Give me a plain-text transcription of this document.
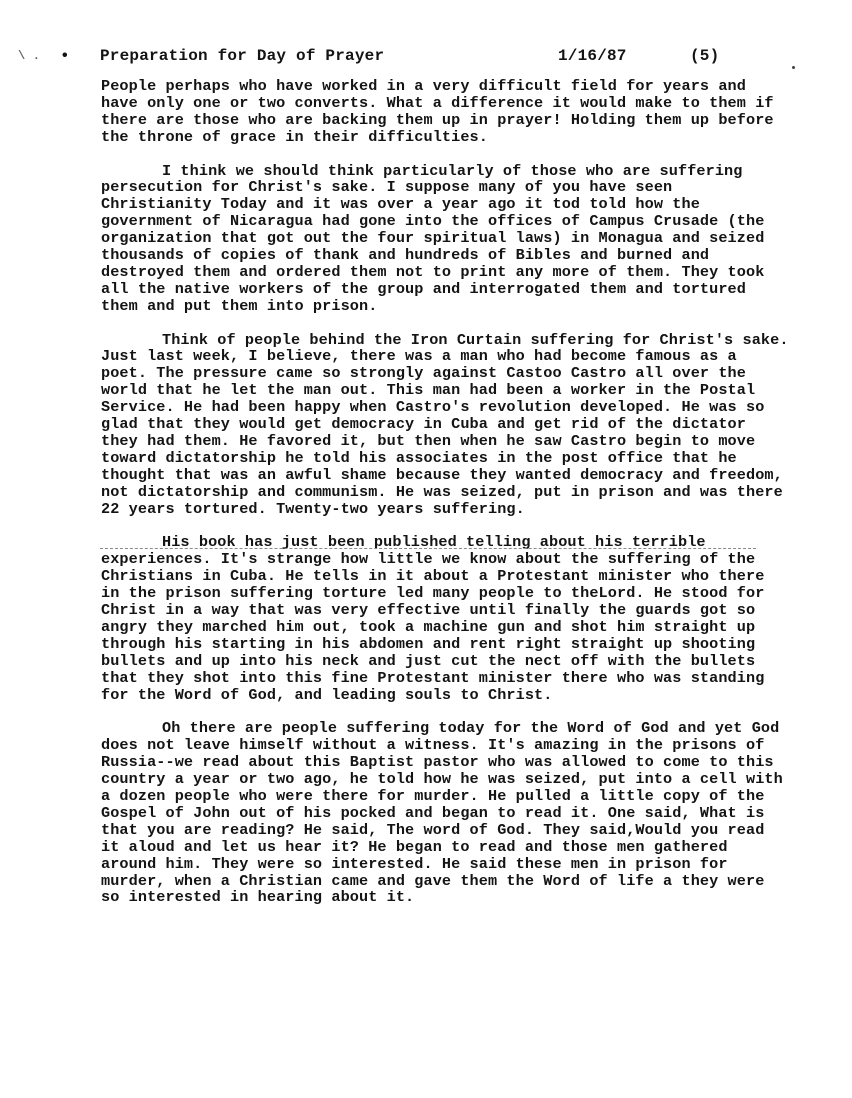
\ . • Preparation for Day of Prayer	1/16/87	(5)

People perhaps who have worked in a very difficult field for years and have only one or two converts. What a difference it would make to them if there are those who are backing them up in prayer! Holding them up before the throne of grace in their difficulties.

I think we should think particularly of those who are suffering persecution for Christ's sake. I suppose many of you have seen Christianity Today and it was over a year ago it tod told how the government of Nicaragua had gone into the offices of Campus Crusade (the organization that got out the four spiritual laws) in Monagua and seized thousands of copies of thank and hundreds of Bibles and burned and destroyed them and ordered them not to print any more of them. They took all the native workers of the group and interrogated them and tortured them and put them into prison.

Think of people behind the Iron Curtain suffering for Christ's sake. Just last week, I believe, there was a man who had become famous as a poet. The pressure came so strongly against Castoo Castro all over the world that he let the man out. This man had been a worker in the Postal Service. He had been happy when Castro's revolution developed. He was so glad that they would get democracy in Cuba and get rid of the dictator they had them. He favored it, but then when he saw Castro begin to move toward dictatorship he told his associates in the post office that he thought that was an awful shame because they wanted democracy and freedom, not dictatorship and communism. He was seized, put in prison and was there 22 years tortured. Twenty-two years suffering.

His book has just been published telling about his terrible experiences. It's strange how little we know about the suffering of the Christians in Cuba. He tells in it about a Protestant minister who there in the prison suffering torture led many people to theLord. He stood for Christ in a way that was very effective until finally the guards got so angry they marched him out, took a machine gun and shot him straight up through his starting in his abdomen and rent right straight up shooting bullets and up into his neck and just cut the nect off with the bullets that they shot into this fine Protestant minister there who was standing for the Word of God, and leading souls to Christ.

Oh there are people suffering today for the Word of God and yet God does not leave himself without a witness. It's amazing in the prisons of Russia--we read about this Baptist pastor who was allowed to come to this country a year or two ago, he told how he was seized, put into a cell with a dozen people who were there for murder. He pulled a little copy of the Gospel of John out of his pocked and began to read it. One said, What is that you are reading? He said, The word of God. They said,Would you read it aloud and let us hear it? He began to read and those men gathered around him. They were so interested. He said these men in prison for murder, when a Christian came and gave them the Word of life a they were so interested in hearing about it.
